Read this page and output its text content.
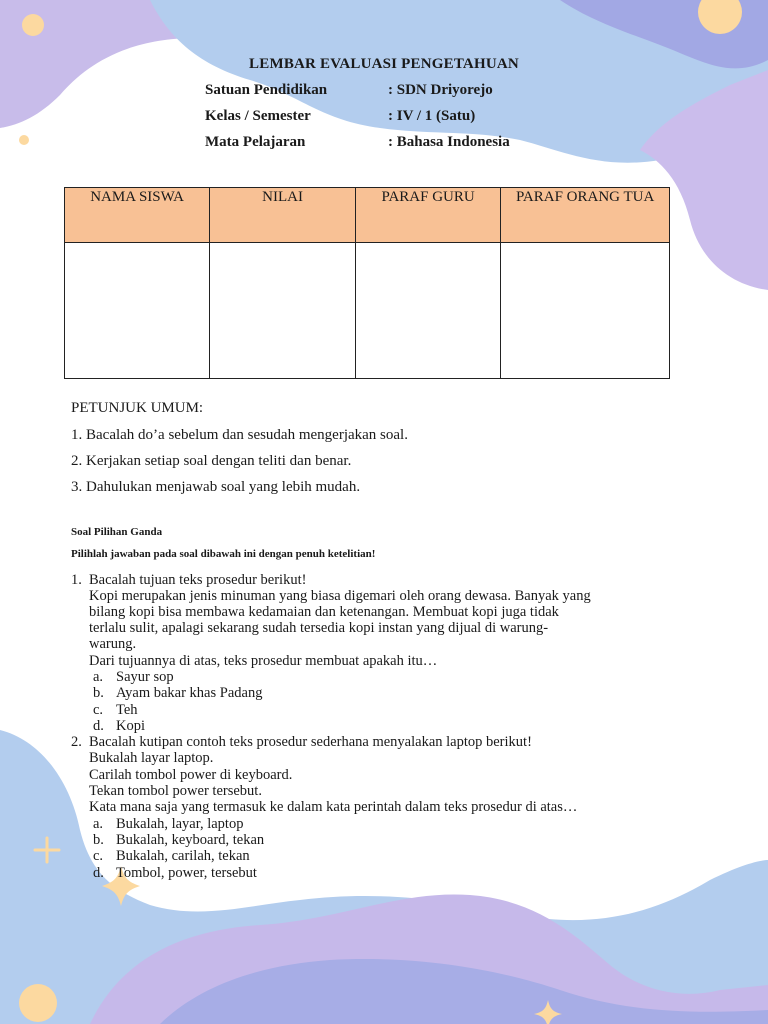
LEMBAR EVALUASI PENGETAHUAN
Satuan Pendidikan	: SDN Driyorejo
Kelas / Semester	: IV / 1 (Satu)
Mata Pelajaran	: Bahasa Indonesia
NAMA SISWA	NILAI	PARAF GURU	PARAF ORANG TUA

PETUNJUK UMUM:
1. Bacalah do’a sebelum dan sesudah mengerjakan soal.
2. Kerjakan setiap soal dengan teliti dan benar.
3. Dahulukan menjawab soal yang lebih mudah.
Soal Pilihan Ganda
Pilihlah jawaban pada soal dibawah ini dengan penuh ketelitian!
1. Bacalah tujuan teks prosedur berikut!
Kopi merupakan jenis minuman yang biasa digemari oleh orang dewasa. Banyak yang
bilang kopi bisa membawa kedamaian dan ketenangan. Membuat kopi juga tidak
terlalu sulit, apalagi sekarang sudah tersedia kopi instan yang dijual di warung-
warung.
Dari tujuannya di atas, teks prosedur membuat apakah itu…
a. Sayur sop
b. Ayam bakar khas Padang
c. Teh
d. Kopi
2. Bacalah kutipan contoh teks prosedur sederhana menyalakan laptop berikut!
Bukalah layar laptop.
Carilah tombol power di keyboard.
Tekan tombol power tersebut.
Kata mana saja yang termasuk ke dalam kata perintah dalam teks prosedur di atas…
a. Bukalah, layar, laptop
b. Bukalah, keyboard, tekan
c. Bukalah, carilah, tekan
d. Tombol, power, tersebut
